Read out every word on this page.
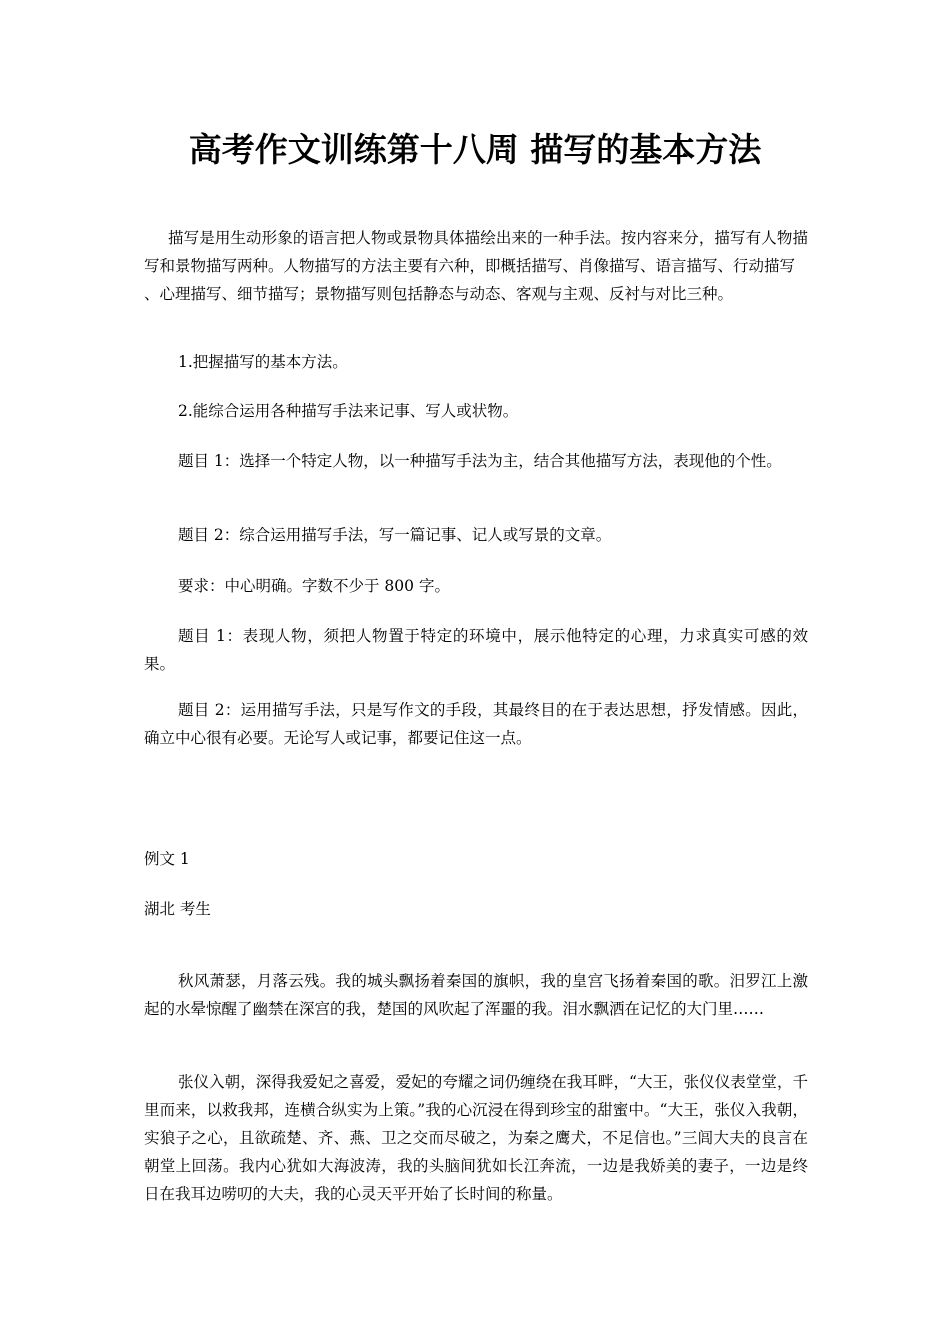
高考作文训练第十八周 描写的基本方法

描写是用生动形象的语言把人物或景物具体描绘出来的一种手法。按内容来分，描写有人物描写和景物描写两种。人物描写的方法主要有六种，即概括描写、肖像描写、语言描写、行动描写
、心理描写、细节描写；景物描写则包括静态与动态、客观与主观、反衬与对比三种。

1.把握描写的基本方法。

2.能综合运用各种描写手法来记事、写人或状物。

题目 1：选择一个特定人物，以一种描写手法为主，结合其他描写方法，表现他的个性。

题目 2：综合运用描写手法，写一篇记事、记人或写景的文章。

要求：中心明确。字数不少于 800 字。

题目 1：表现人物，须把人物置于特定的环境中，展示他特定的心理，力求真实可感的效果。

题目 2：运用描写手法，只是写作文的手段，其最终目的在于表达思想，抒发情感。因此，确立中心很有必要。无论写人或记事，都要记住这一点。

例文 1

湖北 考生

秋风萧瑟，月落云残。我的城头飘扬着秦国的旗帜，我的皇宫飞扬着秦国的歌。汨罗江上激起的水晕惊醒了幽禁在深宫的我，楚国的风吹起了浑噩的我。泪水飘洒在记忆的大门里……

张仪入朝，深得我爱妃之喜爱，爱妃的夸耀之词仍缠绕在我耳畔，“大王，张仪仪表堂堂，千里而来，以救我邦，连横合纵实为上策。”我的心沉浸在得到珍宝的甜蜜中。“大王，张仪入我朝，实狼子之心，且欲疏楚、齐、燕、卫之交而尽破之，为秦之鹰犬，不足信也。”三闾大夫的良言在朝堂上回荡。我内心犹如大海波涛，我的头脑间犹如长江奔流，一边是我娇美的妻子，一边是终日在我耳边唠叨的大夫，我的心灵天平开始了长时间的称量。
